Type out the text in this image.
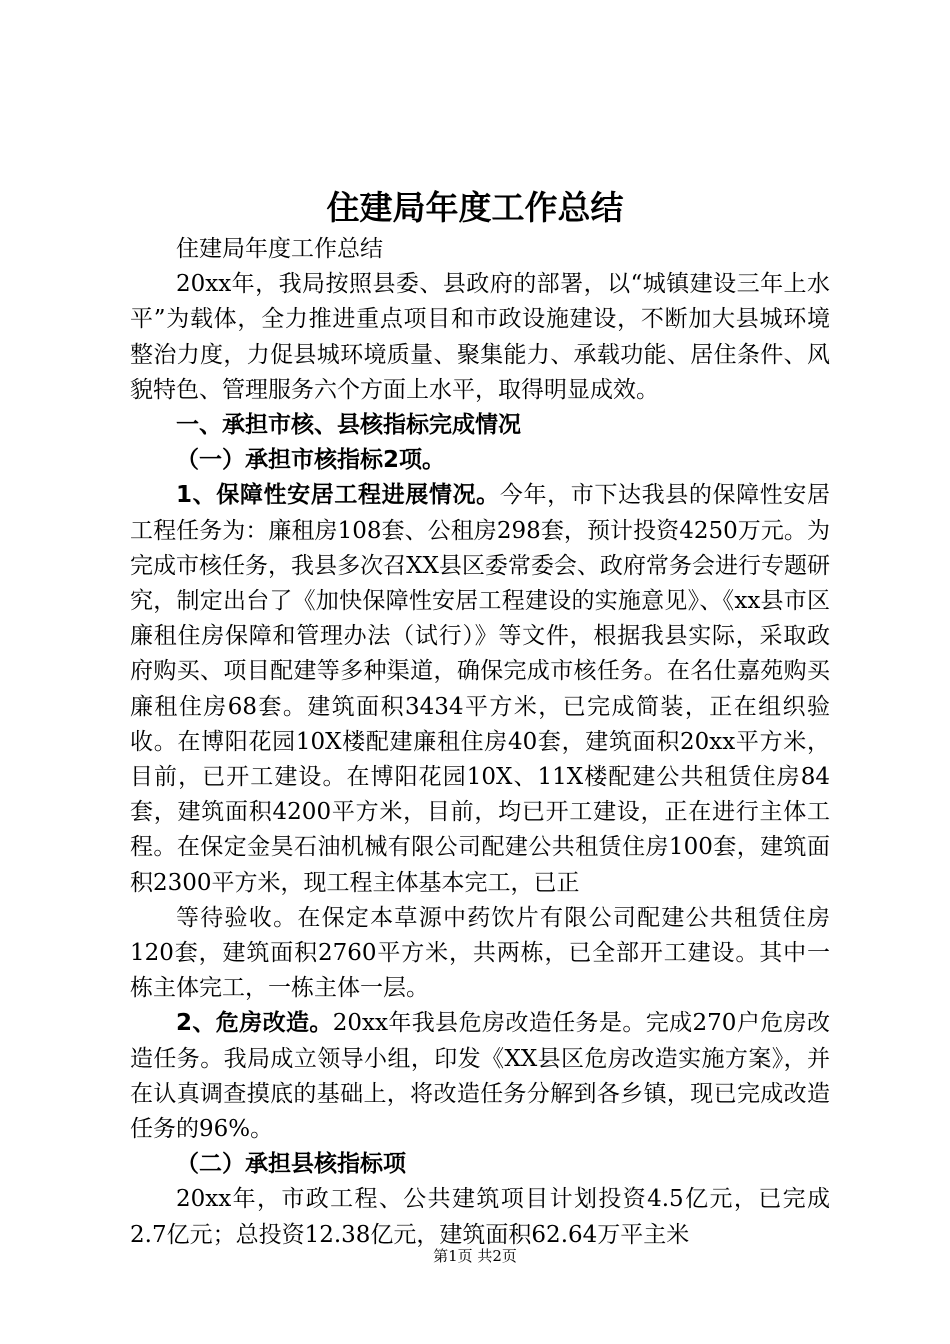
住建局年度工作总结

住建局年度工作总结

20xx年，我局按照县委、县政府的部署，以“城镇建设三年上水平”为载体，全力推进重点项目和市政设施建设，不断加大县城环境整治力度，力促县城环境质量、聚集能力、承载功能、居住条件、风貌特色、管理服务六个方面上水平，取得明显成效。

一、承担市核、县核指标完成情况

（一）承担市核指标2项。

1、保障性安居工程进展情况。今年，市下达我县的保障性安居工程任务为：廉租房108套、公租房298套，预计投资4250万元。为完成市核任务，我县多次召XX县区委常委会、政府常务会进行专题研究，制定出台了《加快保障性安居工程建设的实施意见》、《xx县市区廉租住房保障和管理办法（试行）》等文件，根据我县实际，采取政府购买、项目配建等多种渠道，确保完成市核任务。在名仕嘉苑购买廉租住房68套。建筑面积3434平方米，已完成简装，正在组织验收。在博阳花园10X楼配建廉租住房40套，建筑面积20xx平方米，目前，已开工建设。在博阳花园10X、11X楼配建公共租赁住房84套，建筑面积4200平方米，目前，均已开工建设，正在进行主体工程。在保定金昊石油机械有限公司配建公共租赁住房100套，建筑面积2300平方米，现工程主体基本完工，已正

等待验收。在保定本草源中药饮片有限公司配建公共租赁住房120套，建筑面积2760平方米，共两栋，已全部开工建设。其中一栋主体完工，一栋主体一层。

2、危房改造。20xx年我县危房改造任务是。完成270户危房改造任务。我局成立领导小组，印发《XX县区危房改造实施方案》，并在认真调查摸底的基础上，将改造任务分解到各乡镇，现已完成改造任务的96%。

（二）承担县核指标项

20xx年，市政工程、公共建筑项目计划投资4.5亿元，已完成2.7亿元；总投资12.38亿元，建筑面积62.64万平主米

第1页 共2页
